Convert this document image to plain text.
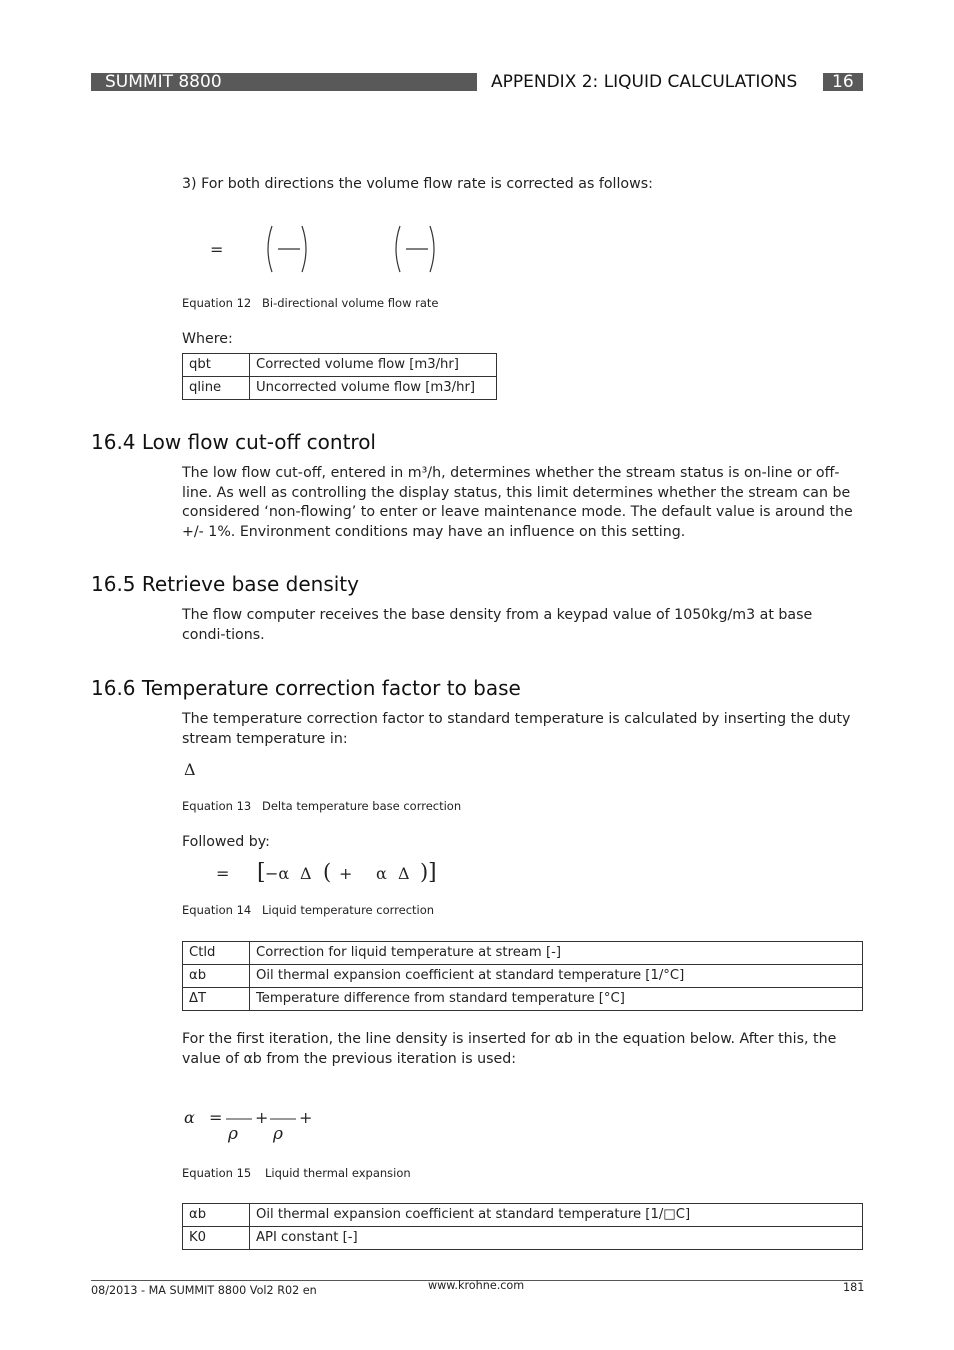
SUMMIT 8800	APPENDIX 2: LIQUID CALCULATIONS 16
3) For both directions the volume flow rate is corrected as follows:
=
Equation 12 Bi-directional volume flow rate
Where:
qbt	Corrected volume flow [m3/hr]
qline	Uncorrected volume flow [m3/hr]
16.4 Low flow cut-off control
The low flow cut-off, entered in m³/h, determines whether the stream status is on-line or off-line. As well as controlling the display status, this limit determines whether the stream can be considered ‘non-flowing’ to enter or leave maintenance mode. The default value is around the +/- 1%. Environment conditions may have an influence on this setting.
16.5 Retrieve base density
The flow computer receives the base density from a keypad value of 1050kg/m3 at base condi-tions.
16.6 Temperature correction factor to base
The temperature correction factor to standard temperature is calculated by inserting the duty stream temperature in:
Δ
Equation 13 Delta temperature base correction
Followed by:
= [ −α Δ ( + α Δ ) ]
Equation 14 Liquid temperature correction
Ctld	Correction for liquid temperature at stream [-]
αb	Oil thermal expansion coefficient at standard temperature [1/°C]
ΔT	Temperature difference from standard temperature [°C]
For the first iteration, the line density is inserted for αb in the equation below. After this, the value of αb from the previous iteration is used:
α = + +
ρ ρ
Equation 15 Liquid thermal expansion
αb	Oil thermal expansion coefficient at standard temperature [1/□C]
K0	API constant [-]
08/2013 - MA SUMMIT 8800 Vol2 R02 en	www.krohne.com	181
